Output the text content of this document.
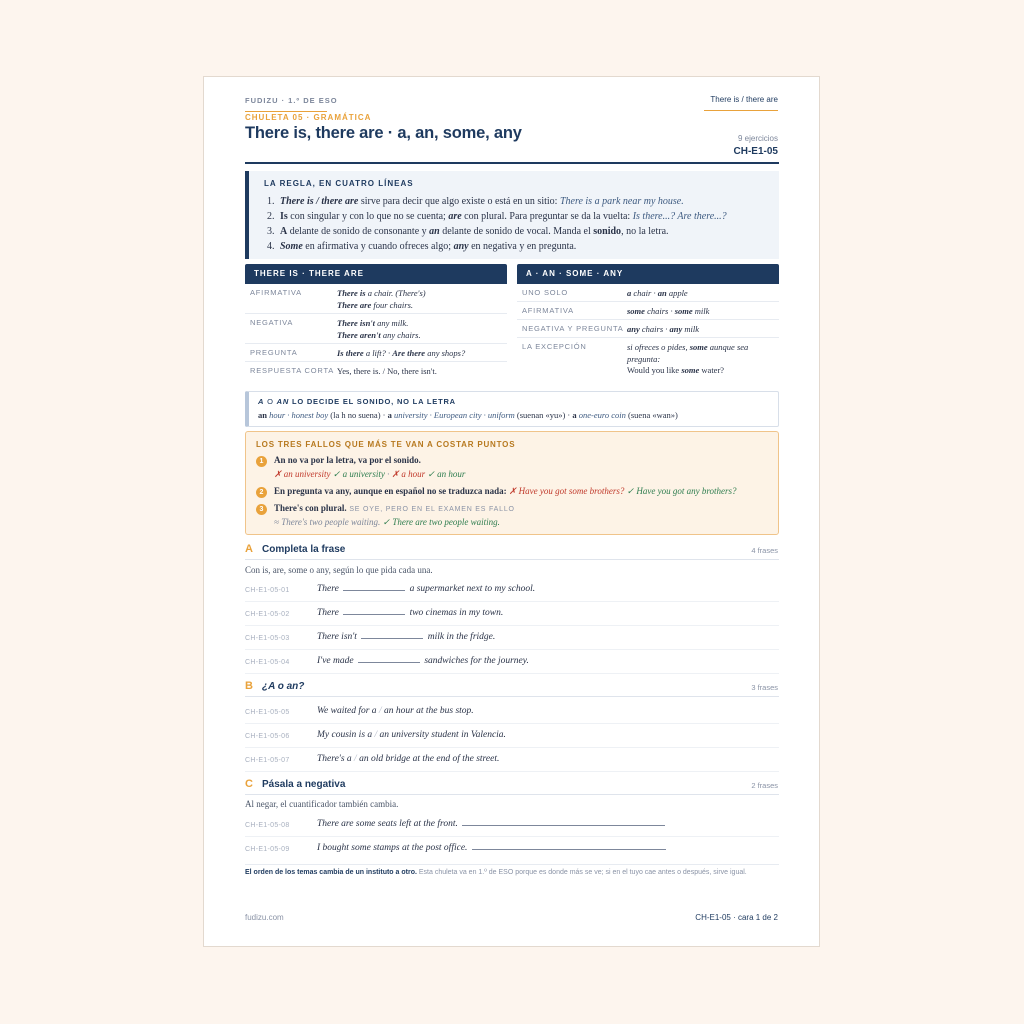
FUDIZU · 1.º DE ESO	There is / there are
CHULETA 05 · GRAMÁTICA
There is, there are · a, an, some, any	9 ejercicios
CH-E1-05
LA REGLA, EN CUATRO LÍNEAS
1. There is / there are sirve para decir que algo existe o está en un sitio: There is a park near my house.
2. Is con singular y con lo que no se cuenta; are con plural. Para preguntar se da la vuelta: Is there...? Are there...?
3. A delante de sonido de consonante y an delante de sonido de vocal. Manda el sonido, no la letra.
4. Some en afirmativa y cuando ofreces algo; any en negativa y en pregunta.
THERE IS · THERE ARE
AFIRMATIVA	There is a chair. (There's)
There are four chairs.
NEGATIVA	There isn't any milk.
There aren't any chairs.
PREGUNTA	Is there a lift? · Are there any shops?
RESPUESTA CORTA Yes, there is. / No, there isn't.
A · AN · SOME · ANY
UNO SOLO	a chair · an apple
AFIRMATIVA	some chairs · some milk
NEGATIVA Y PREGUNTA any chairs · any milk
LA EXCEPCIÓN	si ofreces o pides, some aunque sea
pregunta:
Would you like some water?
A O AN LO DECIDE EL SONIDO, NO LA LETRA
an hour · honest boy (la h no suena) · a university · European city · uniform (suenan «yu») · a one-euro coin (suena «wan»)
LOS TRES FALLOS QUE MÁS TE VAN A COSTAR PUNTOS
1	An no va por la letra, va por el sonido.
✗ an university ✓ a university · ✗ a hour ✓ an hour
2	En pregunta va any, aunque en español no se traduzca nada: ✗ Have you got some brothers? ✓ Have you got any brothers?
3	There's con plural. SE OYE, PERO EN EL EXAMEN ES FALLO
≈ There's two people waiting. ✓ There are two people waiting.
A Completa la frase	4 frases
Con is, are, some o any, según lo que pida cada una.
CH-E1-05-01	There	a supermarket next to my school.
CH-E1-05-02	There	two cinemas in my town.
CH-E1-05-03	There isn't	milk in the fridge.
CH-E1-05-04	I've made	sandwiches for the journey.
B ¿A o an?	3 frases
CH-E1-05-05	We waited for a / an hour at the bus stop.
CH-E1-05-06	My cousin is a / an university student in Valencia.
CH-E1-05-07	There's a / an old bridge at the end of the street.
C Pásala a negativa	2 frases
Al negar, el cuantificador también cambia.
CH-E1-05-08	There are some seats left at the front.
CH-E1-05-09	I bought some stamps at the post office.
El orden de los temas cambia de un instituto a otro. Esta chuleta va en 1.º de ESO porque es donde más se ve; si en el tuyo cae antes o después, sirve igual.
fudizu.com	CH-E1-05 · cara 1 de 2
